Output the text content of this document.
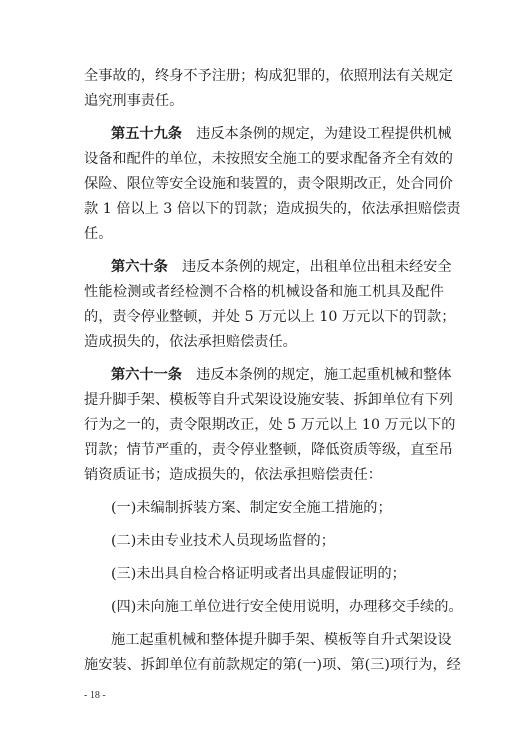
全事故的，终身不予注册；构成犯罪的，依照刑法有关规定
追究刑事责任。
第五十九条　违反本条例的规定，为建设工程提供机械
设备和配件的单位，未按照安全施工的要求配备齐全有效的
保险、限位等安全设施和装置的，责令限期改正，处合同价
款 1 倍以上 3 倍以下的罚款；造成损失的，依法承担赔偿责
任。
第六十条　违反本条例的规定，出租单位出租未经安全
性能检测或者经检测不合格的机械设备和施工机具及配件
的，责令停业整顿，并处 5 万元以上 10 万元以下的罚款；
造成损失的，依法承担赔偿责任。
第六十一条　违反本条例的规定，施工起重机械和整体
提升脚手架、模板等自升式架设设施安装、拆卸单位有下列
行为之一的，责令限期改正，处 5 万元以上 10 万元以下的
罚款；情节严重的，责令停业整顿，降低资质等级，直至吊
销资质证书；造成损失的，依法承担赔偿责任：
(一)未编制拆装方案、制定安全施工措施的；
(二)未由专业技术人员现场监督的；
(三)未出具自检合格证明或者出具虚假证明的；
(四)未向施工单位进行安全使用说明，办理移交手续的。
施工起重机械和整体提升脚手架、模板等自升式架设设
施安装、拆卸单位有前款规定的第(一)项、第(三)项行为，经
- 18 -
